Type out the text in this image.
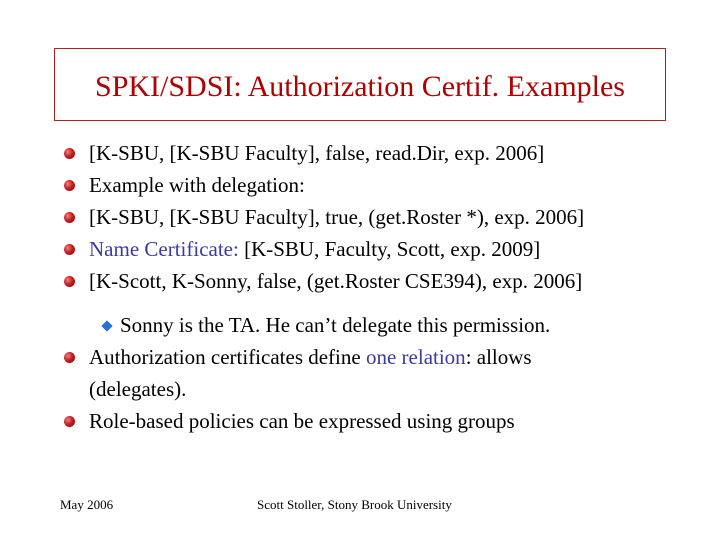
SPKI/SDSI: Authorization Certif. Examples
[K-SBU, [K-SBU Faculty], false, read.Dir, exp. 2006]
Example with delegation:
[K-SBU, [K-SBU Faculty], true, (get.Roster *), exp. 2006]
Name Certificate: [K-SBU, Faculty, Scott, exp. 2009]
[K-Scott, K-Sonny, false, (get.Roster CSE394), exp. 2006]
Sonny is the TA. He can’t delegate this permission.
Authorization certificates define one relation: allows
(delegates).
Role-based policies can be expressed using groups
May 2006	Scott Stoller, Stony Brook University
